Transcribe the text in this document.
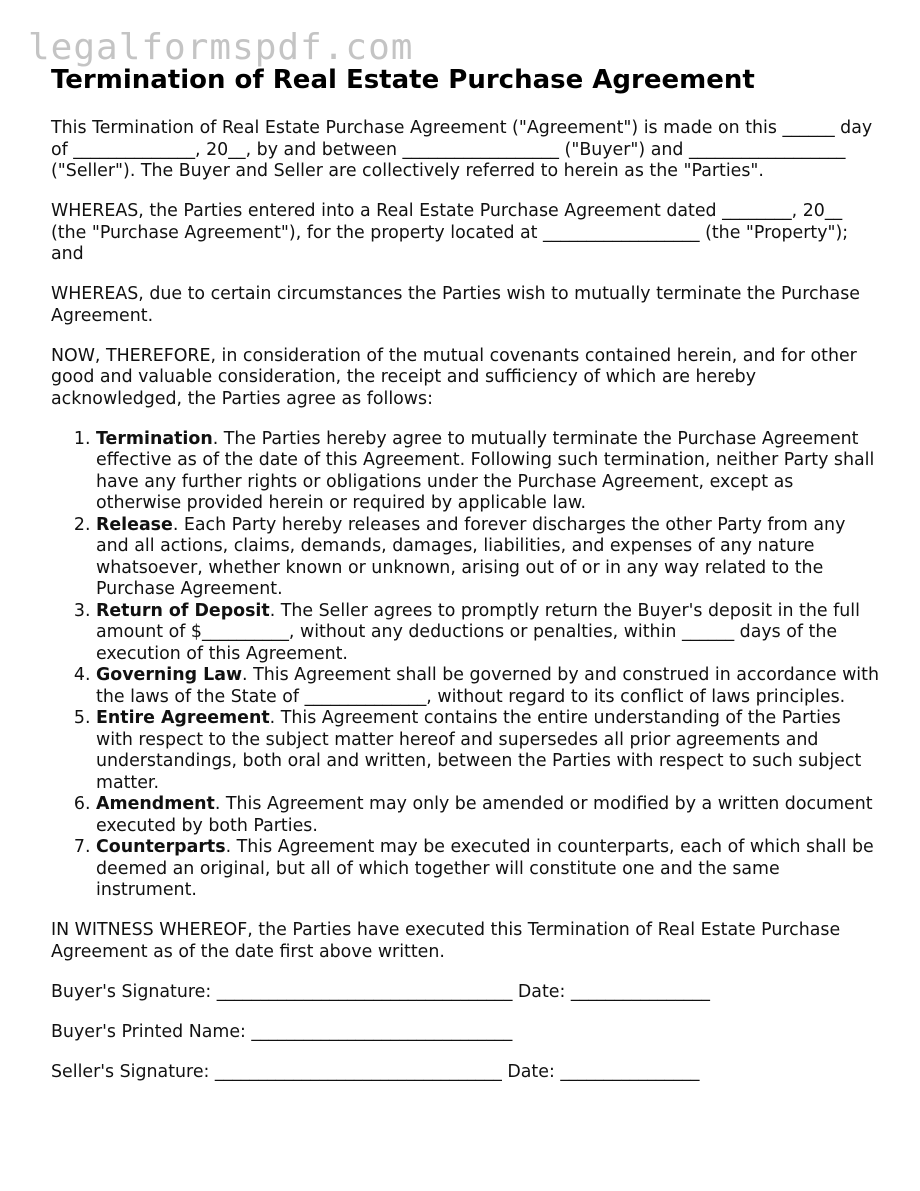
legalformspdf.com
Termination of Real Estate Purchase Agreement

This Termination of Real Estate Purchase Agreement ("Agreement") is made on this ______ day of ______________, 20__, by and between __________________ ("Buyer") and __________________ ("Seller"). The Buyer and Seller are collectively referred to herein as the "Parties".

WHEREAS, the Parties entered into a Real Estate Purchase Agreement dated ________, 20__ (the "Purchase Agreement"), for the property located at __________________ (the "Property"); and

WHEREAS, due to certain circumstances the Parties wish to mutually terminate the Purchase Agreement.

NOW, THEREFORE, in consideration of the mutual covenants contained herein, and for other good and valuable consideration, the receipt and sufficiency of which are hereby acknowledged, the Parties agree as follows:

1. Termination. The Parties hereby agree to mutually terminate the Purchase Agreement effective as of the date of this Agreement. Following such termination, neither Party shall have any further rights or obligations under the Purchase Agreement, except as otherwise provided herein or required by applicable law.
2. Release. Each Party hereby releases and forever discharges the other Party from any and all actions, claims, demands, damages, liabilities, and expenses of any nature whatsoever, whether known or unknown, arising out of or in any way related to the Purchase Agreement.
3. Return of Deposit. The Seller agrees to promptly return the Buyer's deposit in the full amount of $__________, without any deductions or penalties, within ______ days of the execution of this Agreement.
4. Governing Law. This Agreement shall be governed by and construed in accordance with the laws of the State of ______________, without regard to its conflict of laws principles.
5. Entire Agreement. This Agreement contains the entire understanding of the Parties with respect to the subject matter hereof and supersedes all prior agreements and understandings, both oral and written, between the Parties with respect to such subject matter.
6. Amendment. This Agreement may only be amended or modified by a written document executed by both Parties.
7. Counterparts. This Agreement may be executed in counterparts, each of which shall be deemed an original, but all of which together will constitute one and the same instrument.

IN WITNESS WHEREOF, the Parties have executed this Termination of Real Estate Purchase Agreement as of the date first above written.

Buyer's Signature: __________________________________ Date: ________________
Buyer's Printed Name: ______________________________
Seller's Signature: _________________________________ Date: ________________
